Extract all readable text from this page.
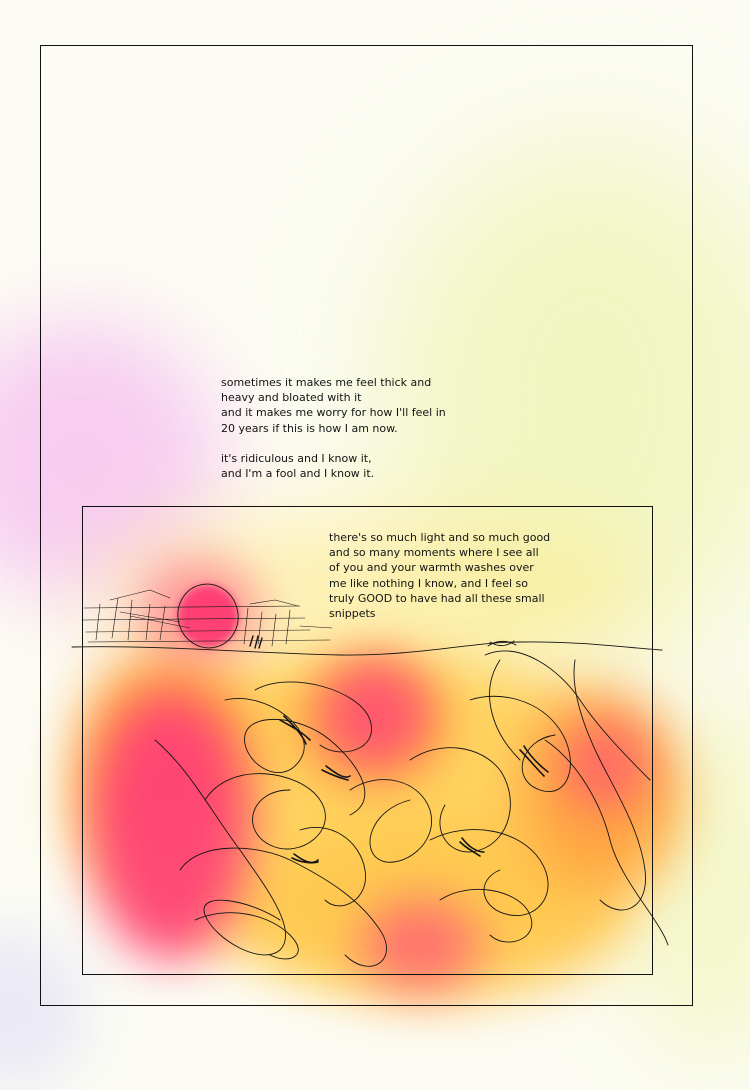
sometimes it makes me feel thick and
heavy and bloated with it
and it makes me worry for how I'll feel in
20 years if this is how I am now.

it's ridiculous and I know it,
and I'm a fool and I know it.

there's so much light and so much good
and so many moments where I see all
of you and your warmth washes over
me like nothing I know, and I feel so
truly GOOD to have had all these small
snippets
